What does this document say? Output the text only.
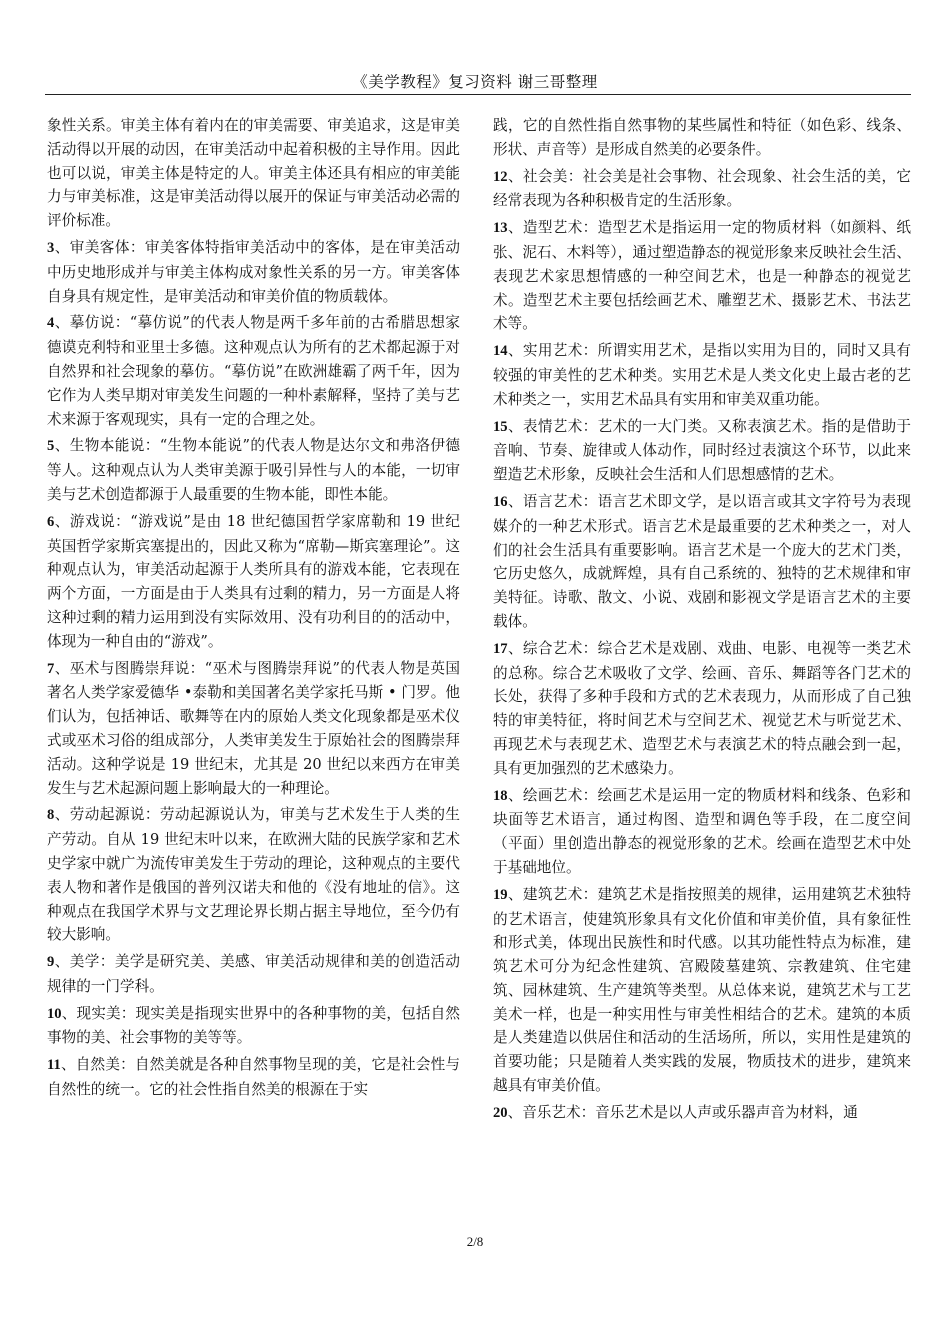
《美学教程》复习资料 谢三哥整理

象性关系。审美主体有着内在的审美需要、审美追求，这是审美活动得以开展的动因，在审美活动中起着积极的主导作用。因此也可以说，审美主体是特定的人。审美主体还具有相应的审美能力与审美标准，这是审美活动得以展开的保证与审美活动必需的评价标准。

3、审美客体：审美客体特指审美活动中的客体，是在审美活动中历史地形成并与审美主体构成对象性关系的另一方。审美客体自身具有规定性，是审美活动和审美价值的物质载体。

4、摹仿说：“摹仿说”的代表人物是两千多年前的古希腊思想家德谟克利特和亚里士多德。这种观点认为所有的艺术都起源于对自然界和社会现象的摹仿。“摹仿说”在欧洲雄霸了两千年，因为它作为人类早期对审美发生问题的一种朴素解释，坚持了美与艺术来源于客观现实，具有一定的合理之处。

5、生物本能说：“生物本能说”的代表人物是达尔文和弗洛伊德等人。这种观点认为人类审美源于吸引异性与人的本能，一切审美与艺术创造都源于人最重要的生物本能，即性本能。

6、游戏说：“游戏说”是由 18 世纪德国哲学家席勒和 19 世纪英国哲学家斯宾塞提出的，因此又称为“席勒—斯宾塞理论”。这种观点认为，审美活动起源于人类所具有的游戏本能，它表现在两个方面，一方面是由于人类具有过剩的精力，另一方面是人将这种过剩的精力运用到没有实际效用、没有功利目的的活动中，体现为一种自由的“游戏”。

7、巫术与图腾崇拜说：“巫术与图腾崇拜说”的代表人物是英国著名人类学家爱德华 •泰勒和美国著名美学家托马斯 • 门罗。他们认为，包括神话、歌舞等在内的原始人类文化现象都是巫术仪式或巫术习俗的组成部分，人类审美发生于原始社会的图腾崇拜活动。这种学说是 19 世纪末，尤其是 20 世纪以来西方在审美发生与艺术起源问题上影响最大的一种理论。

8、劳动起源说：劳动起源说认为，审美与艺术发生于人类的生产劳动。自从 19 世纪末叶以来，在欧洲大陆的民族学家和艺术史学家中就广为流传审美发生于劳动的理论，这种观点的主要代表人物和著作是俄国的普列汉诺夫和他的《没有地址的信》。这种观点在我国学术界与文艺理论界长期占据主导地位，至今仍有较大影响。

9、美学：美学是研究美、美感、审美活动规律和美的创造活动规律的一门学科。

10、现实美：现实美是指现实世界中的各种事物的美，包括自然事物的美、社会事物的美等等。

11、自然美：自然美就是各种自然事物呈现的美，它是社会性与自然性的统一。它的社会性指自然美的根源在于实

践，它的自然性指自然事物的某些属性和特征（如色彩、线条、形状、声音等）是形成自然美的必要条件。

12、社会美：社会美是社会事物、社会现象、社会生活的美，它经常表现为各种积极肯定的生活形象。

13、造型艺术：造型艺术是指运用一定的物质材料（如颜料、纸张、泥石、木料等），通过塑造静态的视觉形象来反映社会生活、表现艺术家思想情感的一种空间艺术，也是一种静态的视觉艺术。造型艺术主要包括绘画艺术、雕塑艺术、摄影艺术、书法艺术等。

14、实用艺术：所谓实用艺术，是指以实用为目的，同时又具有较强的审美性的艺术种类。实用艺术是人类文化史上最古老的艺术种类之一，实用艺术品具有实用和审美双重功能。

15、表情艺术：艺术的一大门类。又称表演艺术。指的是借助于音响、节奏、旋律或人体动作，同时经过表演这个环节，以此来塑造艺术形象，反映社会生活和人们思想感情的艺术。

16、语言艺术：语言艺术即文学，是以语言或其文字符号为表现媒介的一种艺术形式。语言艺术是最重要的艺术种类之一，对人们的社会生活具有重要影响。语言艺术是一个庞大的艺术门类，它历史悠久，成就辉煌，具有自己系统的、独特的艺术规律和审美特征。诗歌、散文、小说、戏剧和影视文学是语言艺术的主要载体。

17、综合艺术：综合艺术是戏剧、戏曲、电影、电视等一类艺术的总称。综合艺术吸收了文学、绘画、音乐、舞蹈等各门艺术的长处，获得了多种手段和方式的艺术表现力，从而形成了自己独特的审美特征，将时间艺术与空间艺术、视觉艺术与听觉艺术、再现艺术与表现艺术、造型艺术与表演艺术的特点融会到一起，具有更加强烈的艺术感染力。

18、绘画艺术：绘画艺术是运用一定的物质材料和线条、色彩和块面等艺术语言，通过构图、造型和调色等手段，在二度空间（平面）里创造出静态的视觉形象的艺术。绘画在造型艺术中处于基础地位。

19、建筑艺术：建筑艺术是指按照美的规律，运用建筑艺术独特的艺术语言，使建筑形象具有文化价值和审美价值，具有象征性和形式美，体现出民族性和时代感。以其功能性特点为标准，建筑艺术可分为纪念性建筑、宫殿陵墓建筑、宗教建筑、住宅建筑、园林建筑、生产建筑等类型。从总体来说，建筑艺术与工艺美术一样，也是一种实用性与审美性相结合的艺术。建筑的本质是人类建造以供居住和活动的生活场所，所以，实用性是建筑的首要功能；只是随着人类实践的发展，物质技术的进步，建筑来越具有审美价值。

20、音乐艺术：音乐艺术是以人声或乐器声音为材料，通

2/8
